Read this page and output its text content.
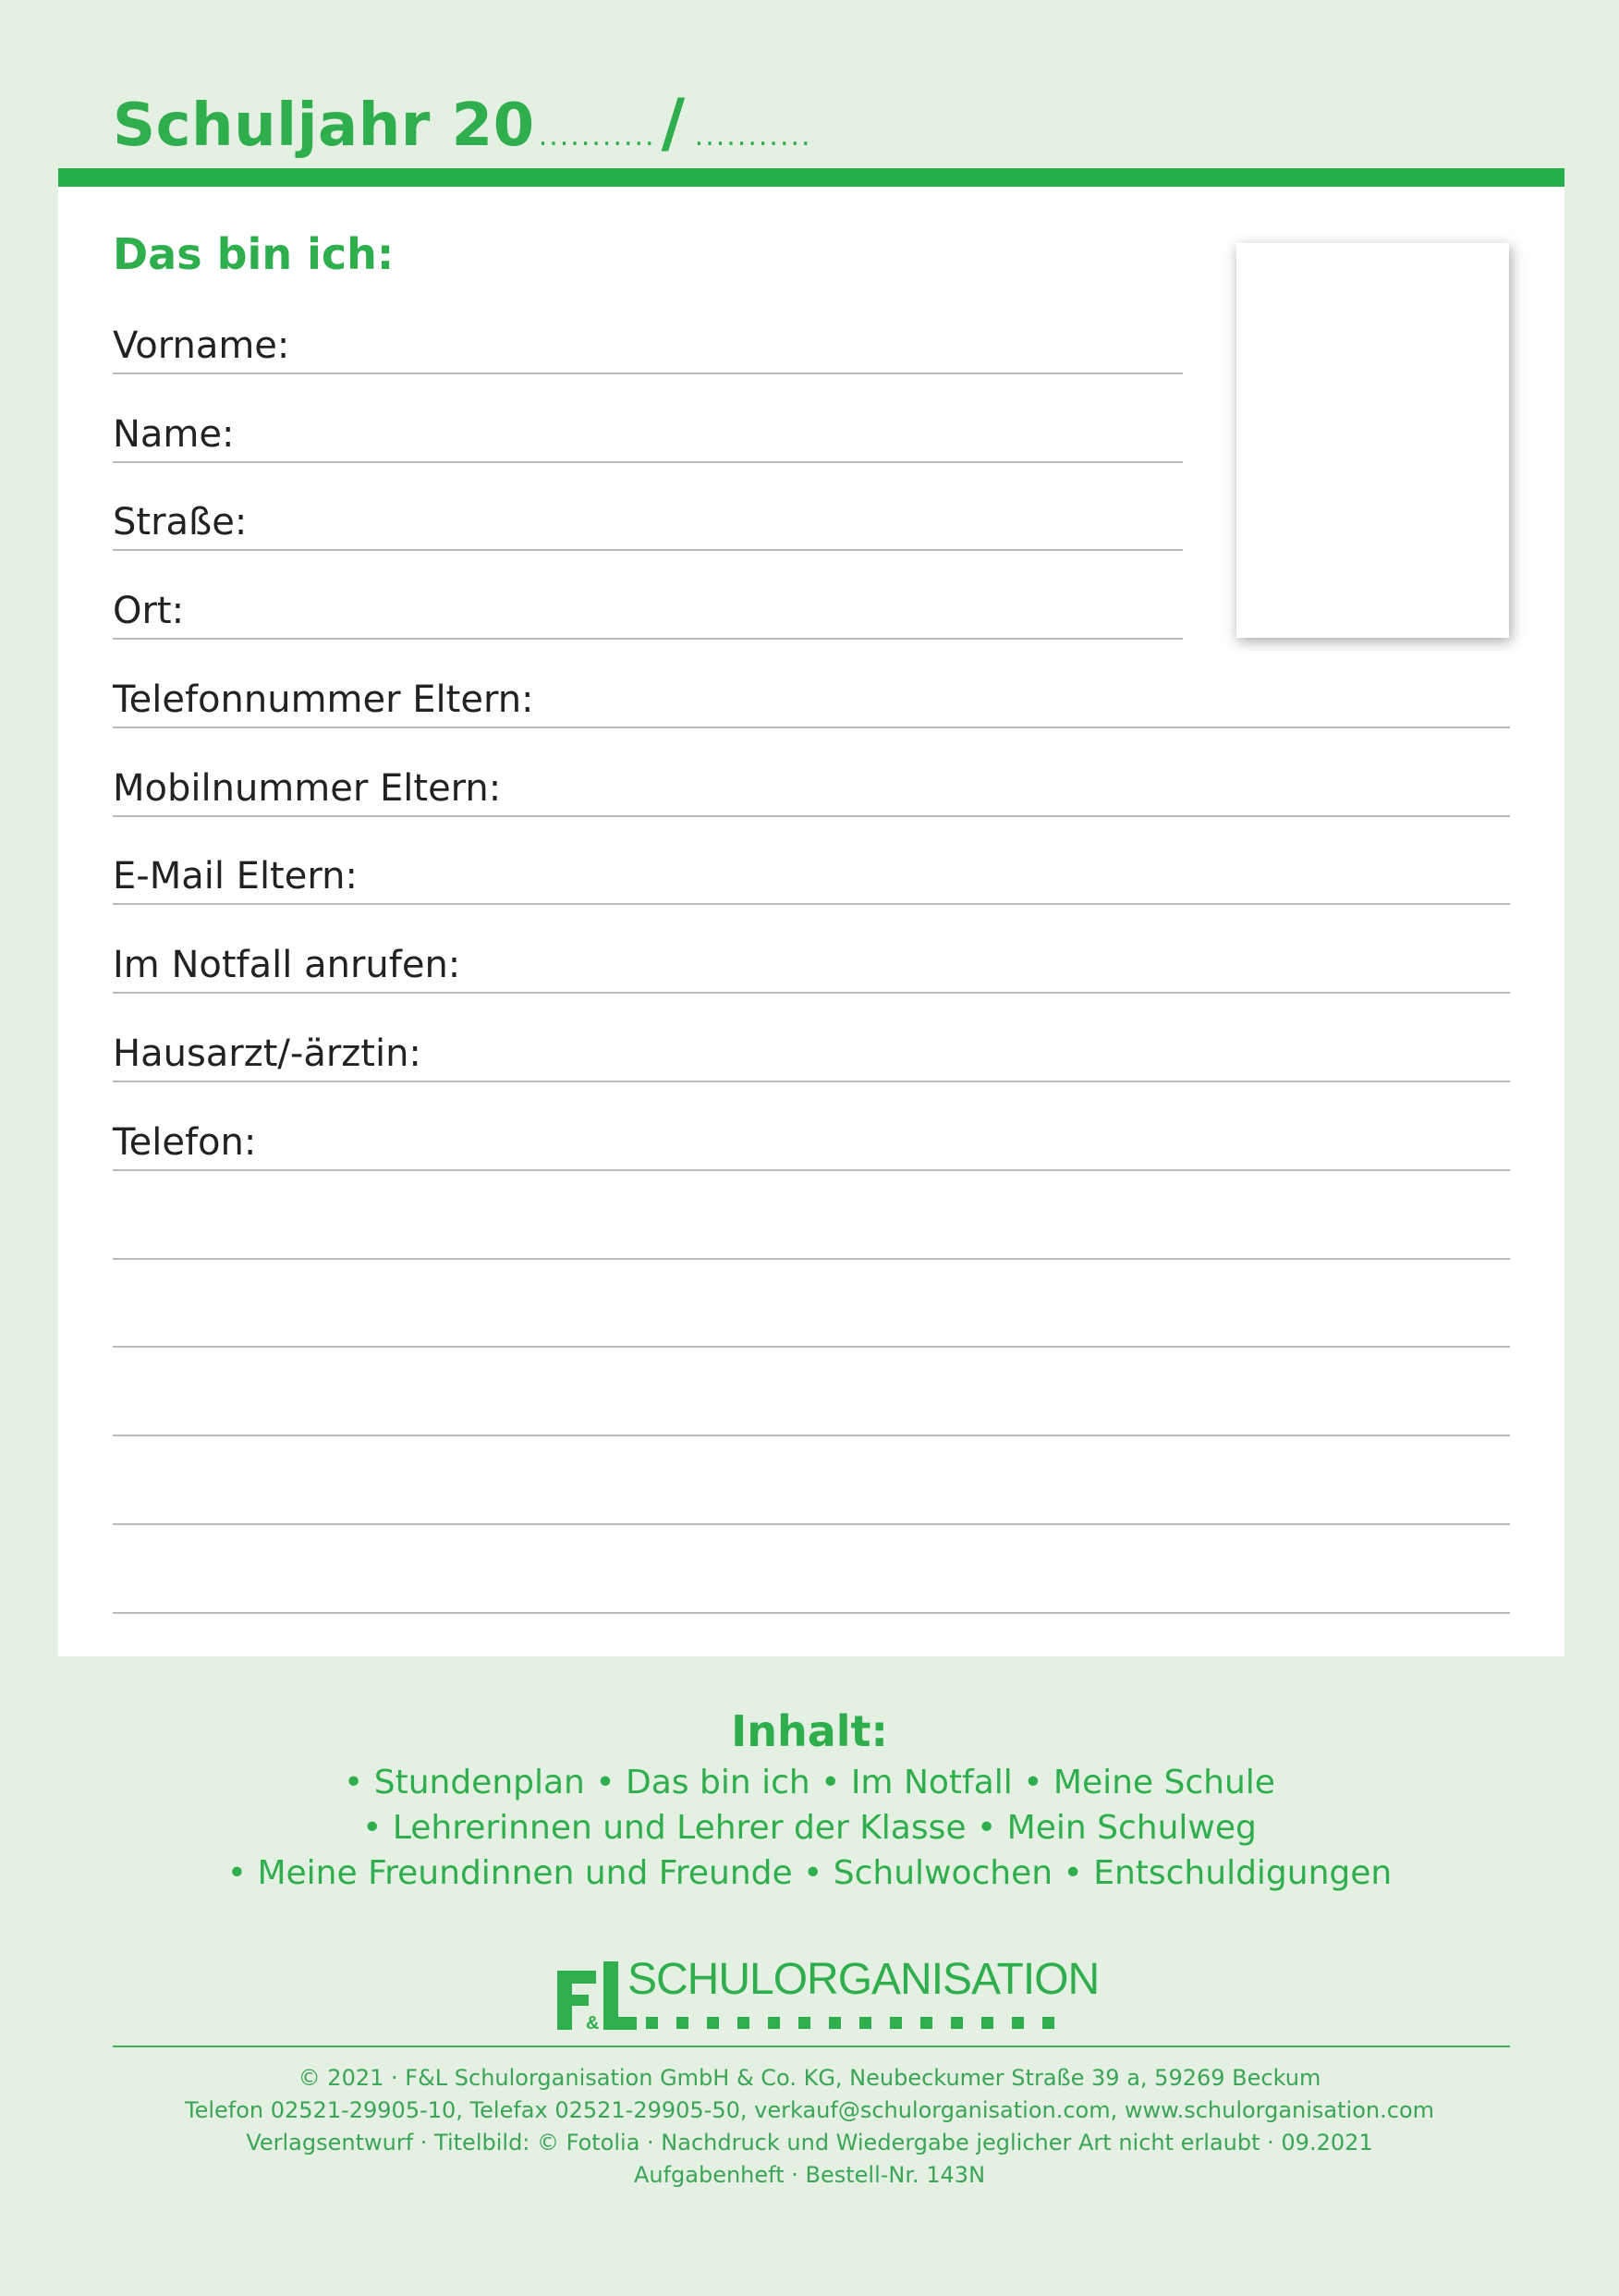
Schuljahr 20 ........... / ...........
Das bin ich:
Vorname:
Name:
Straße:
Ort:
Telefonnummer Eltern:
Mobilnummer Eltern:
E-Mail Eltern:
Im Notfall anrufen:
Hausarzt/-ärztin:
Telefon:
Inhalt:
• Stundenplan • Das bin ich • Im Notfall • Meine Schule
• Lehrerinnen und Lehrer der Klasse • Mein Schulweg
• Meine Freundinnen und Freunde • Schulwochen • Entschuldigungen
&
SCHULORGANISATION
© 2021 · F&L Schulorganisation GmbH & Co. KG, Neubeckumer Straße 39 a, 59269 Beckum
Telefon 02521-29905-10, Telefax 02521-29905-50, verkauf@schulorganisation.com, www.schulorganisation.com
Verlagsentwurf · Titelbild: © Fotolia · Nachdruck und Wiedergabe jeglicher Art nicht erlaubt · 09.2021
Aufgabenheft · Bestell-Nr. 143N
